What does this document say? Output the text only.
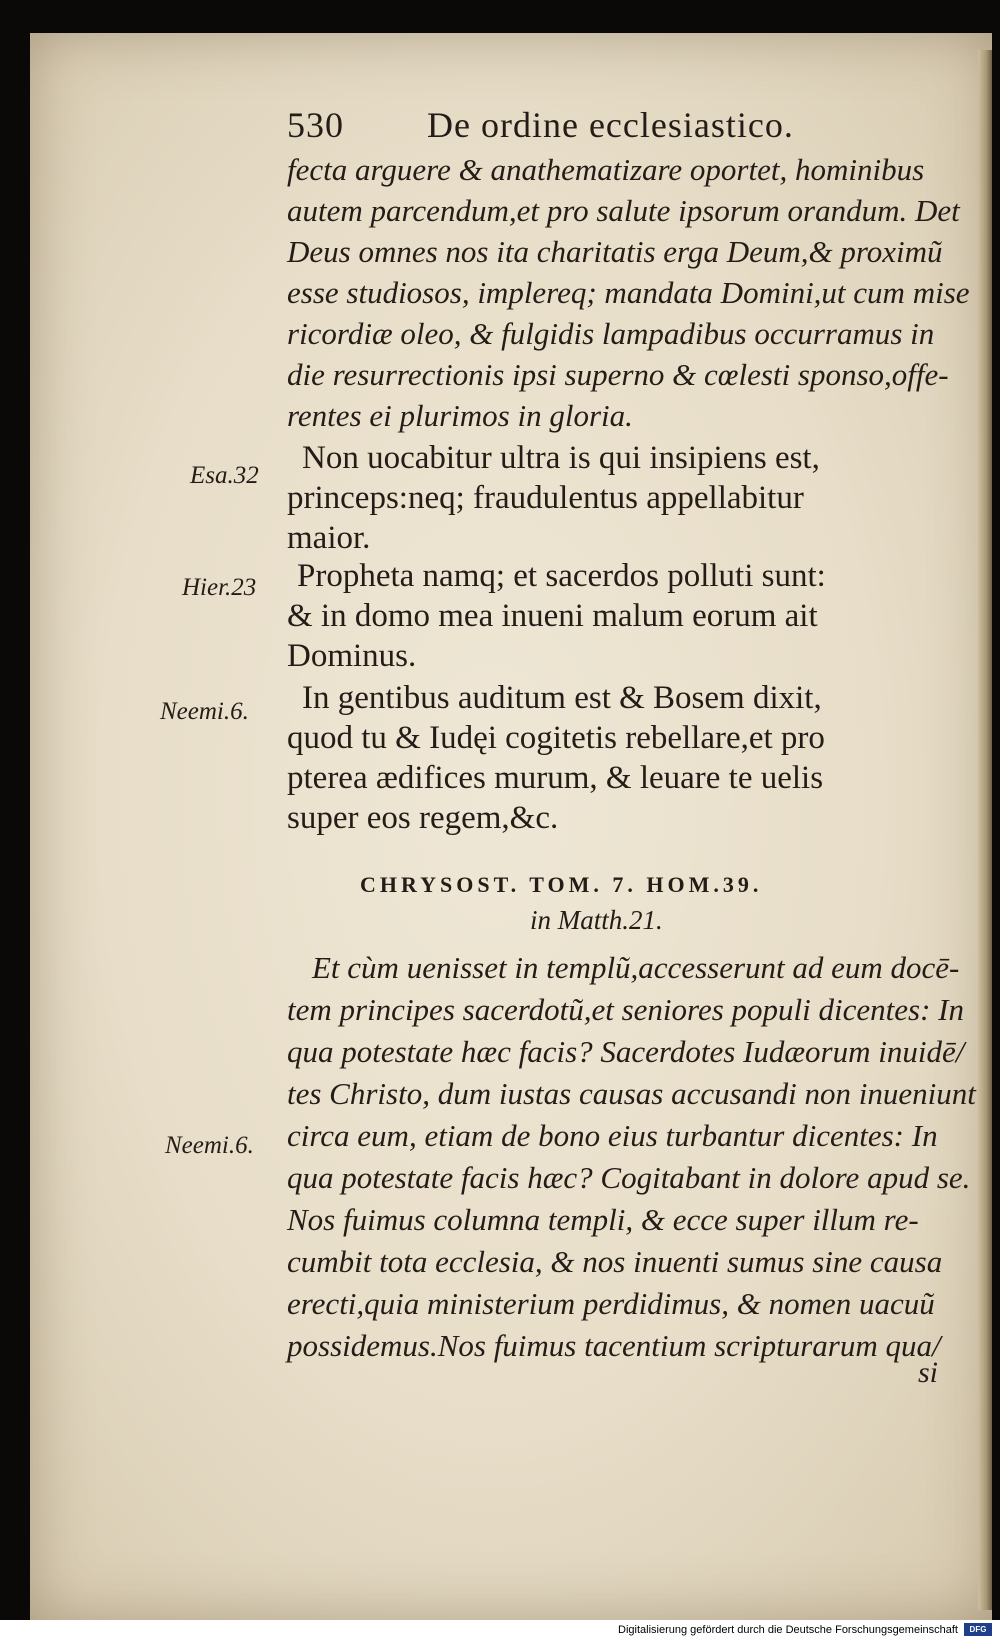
530 De ordine ecclesiastico.
fecta arguere & anathematizare oportet, hominibus
autem parcendum,et pro salute ipsorum orandum. Det
Deus omnes nos ita charitatis erga Deum,& proximũ
esse studiosos, implereq; mandata Domini,ut cum mise
ricordiæ oleo, & fulgidis lampadibus occurramus in
die resurrectionis ipsi superno & cœlesti sponso,offe-
rentes ei plurimos in gloria.
Esa.32 Non uocabitur ultra is qui insipiens est,
princeps:neq; fraudulentus appellabitur
maior.
Hier.23 Propheta namq; et sacerdos polluti sunt:
& in domo mea inueni malum eorum ait
Dominus.
Neemi.6. In gentibus auditum est & Bosem dixit,
quod tu & Iudęi cogitetis rebellare,et pro
pterea ædifices murum, & leuare te uelis
super eos regem,&c.
CHRYSOST. TOM. 7. HOM.39.
in Matth.21.
Neemi.6.
Et cùm uenisset in templũ,accesserunt ad eum docē-
tem principes sacerdotũ,et seniores populi dicentes: In
qua potestate hæc facis? Sacerdotes Iudæorum inuidē/
tes Christo, dum iustas causas accusandi non inueniunt
circa eum, etiam de bono eius turbantur dicentes: In
qua potestate facis hæc? Cogitabant in dolore apud se.
Nos fuimus columna templi, & ecce super illum re-
cumbit tota ecclesia, & nos inuenti sumus sine causa
erecti,quia ministerium perdidimus, & nomen uacuũ
possidemus.Nos fuimus tacentium scripturarum qua/
si
Digitalisierung gefördert durch die Deutsche Forschungsgemeinschaft	DFG
